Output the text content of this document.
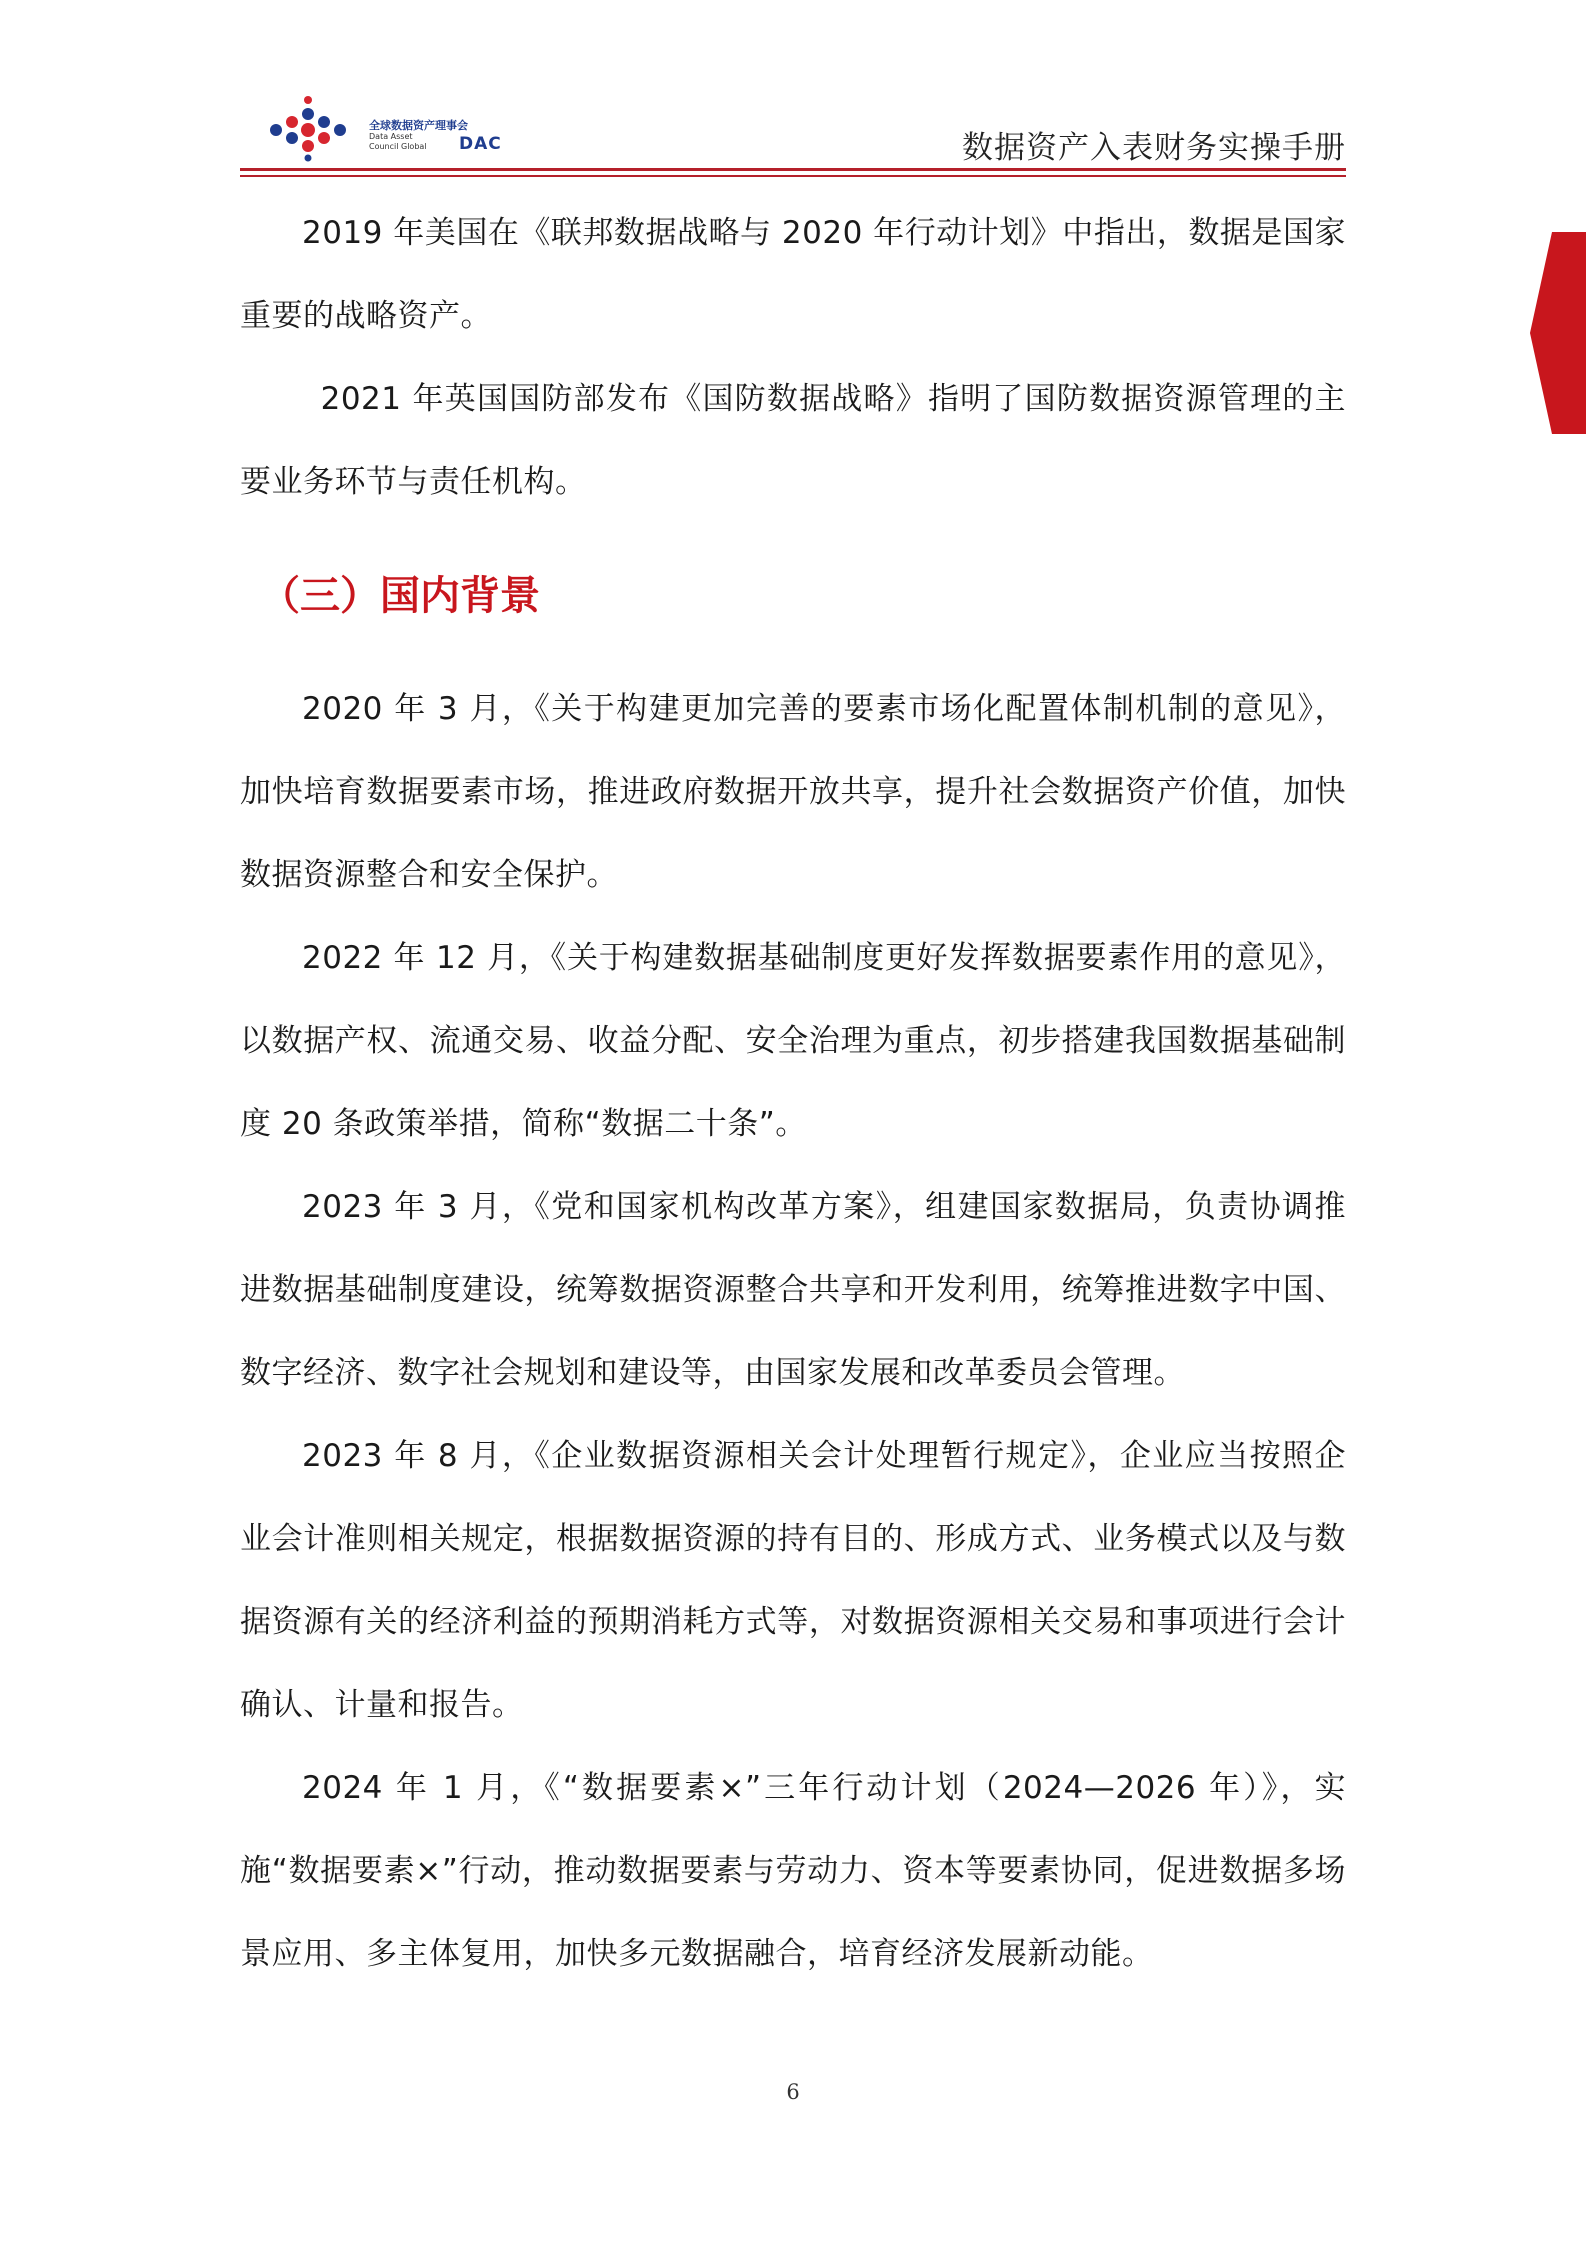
全球数据资产理事会
Data Asset
Council Global	DAC	数据资产入表财务实操手册

2019 年美国在《联邦数据战略与 2020 年行动计划》中指出，数据是国家重要的战略资产。

2021 年英国国防部发布《国防数据战略》指明了国防数据资源管理的主要业务环节与责任机构。

（三）国内背景

2020 年 3 月，《关于构建更加完善的要素市场化配置体制机制的意见》，加快培育数据要素市场，推进政府数据开放共享，提升社会数据资产价值，加快数据资源整合和安全保护。

2022 年 12 月，《关于构建数据基础制度更好发挥数据要素作用的意见》，以数据产权、流通交易、收益分配、安全治理为重点，初步搭建我国数据基础制度 20 条政策举措，简称“数据二十条”。

2023 年 3 月，《党和国家机构改革方案》，组建国家数据局，负责协调推进数据基础制度建设，统筹数据资源整合共享和开发利用，统筹推进数字中国、数字经济、数字社会规划和建设等，由国家发展和改革委员会管理。

2023 年 8 月，《企业数据资源相关会计处理暂行规定》，企业应当按照企业会计准则相关规定，根据数据资源的持有目的、形成方式、业务模式以及与数据资源有关的经济利益的预期消耗方式等，对数据资源相关交易和事项进行会计确认、计量和报告。

2024 年 1 月，《“数据要素×”三年行动计划（2024—2026 年）》，实施“数据要素×”行动，推动数据要素与劳动力、资本等要素协同，促进数据多场景应用、多主体复用，加快多元数据融合，培育经济发展新动能。

6
